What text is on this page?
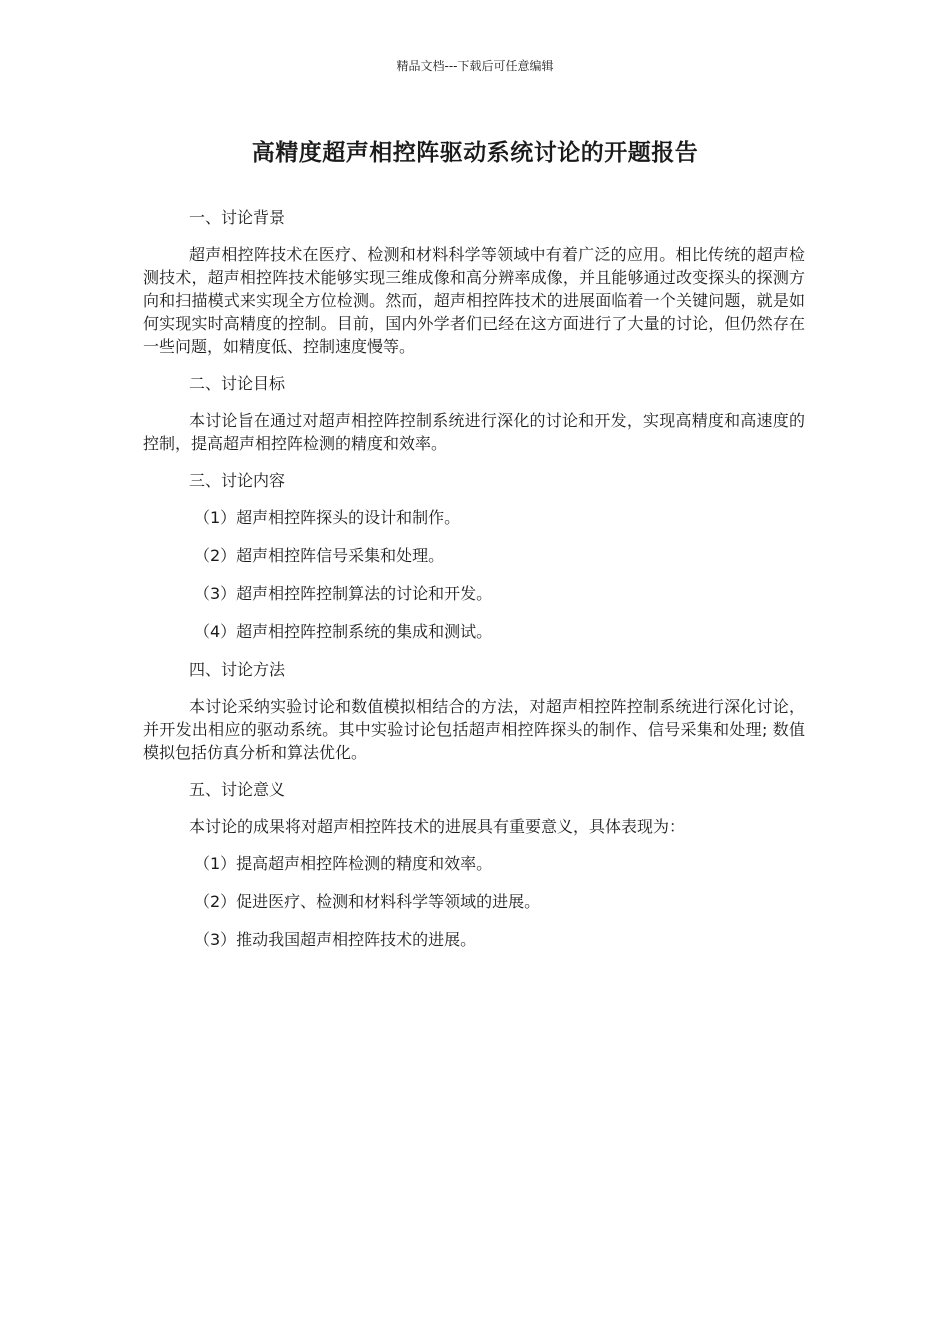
精品文档---下载后可任意编辑
高精度超声相控阵驱动系统讨论的开题报告
一、讨论背景
超声相控阵技术在医疗、检测和材料科学等领域中有着广泛的应用。相比传统的超声检测技术，超声相控阵技术能够实现三维成像和高分辨率成像，并且能够通过改变探头的探测方向和扫描模式来实现全方位检测。然而，超声相控阵技术的进展面临着一个关键问题，就是如何实现实时高精度的控制。目前，国内外学者们已经在这方面进行了大量的讨论，但仍然存在一些问题，如精度低、控制速度慢等。
二、讨论目标
本讨论旨在通过对超声相控阵控制系统进行深化的讨论和开发，实现高精度和高速度的控制，提高超声相控阵检测的精度和效率。
三、讨论内容
（1）超声相控阵探头的设计和制作。
（2）超声相控阵信号采集和处理。
（3）超声相控阵控制算法的讨论和开发。
（4）超声相控阵控制系统的集成和测试。
四、讨论方法
本讨论采纳实验讨论和数值模拟相结合的方法，对超声相控阵控制系统进行深化讨论，并开发出相应的驱动系统。其中实验讨论包括超声相控阵探头的制作、信号采集和处理; 数值模拟包括仿真分析和算法优化。
五、讨论意义
本讨论的成果将对超声相控阵技术的进展具有重要意义，具体表现为：
（1）提高超声相控阵检测的精度和效率。
（2）促进医疗、检测和材料科学等领域的进展。
（3）推动我国超声相控阵技术的进展。
